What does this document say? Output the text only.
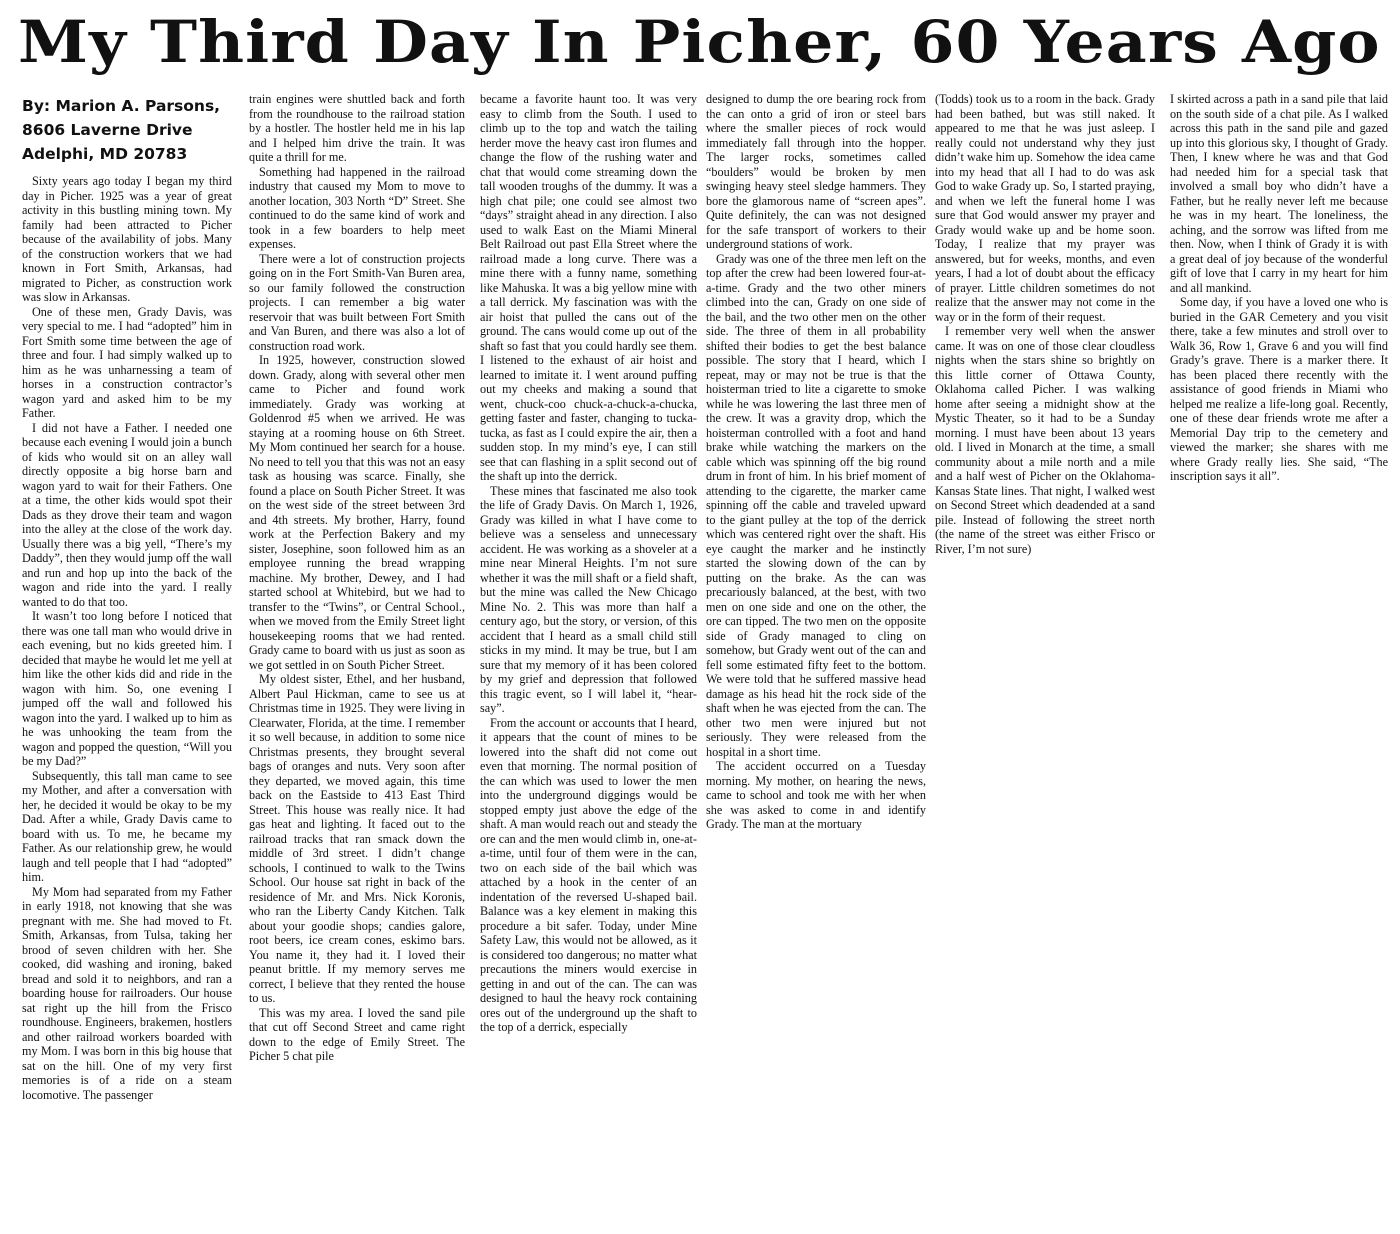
My Third Day In Picher, 60 Years Ago
By: Marion A. Parsons,
8606 Laverne Drive
Adelphi, MD 20783

Sixty years ago today I began my third day in Picher. 1925 was a year of great activity in this bustling mining town. My family had been attracted to Picher because of the availability of jobs. Many of the construction workers that we had known in Fort Smith, Arkansas, had migrated to Picher, as construction work was slow in Arkansas.

One of these men, Grady Davis, was very special to me. I had “adopted” him in Fort Smith some time between the age of three and four. I had simply walked up to him as he was unharnessing a team of horses in a construction contractor’s wagon yard and asked him to be my Father.

I did not have a Father. I needed one because each evening I would join a bunch of kids who would sit on an alley wall directly opposite a big horse barn and wagon yard to wait for their Fathers. One at a time, the other kids would spot their Dads as they drove their team and wagon into the alley at the close of the work day. Usually there was a big yell, “There’s my Daddy”, then they would jump off the wall and run and hop up into the back of the wagon and ride into the yard. I really wanted to do that too.

It wasn’t too long before I noticed that there was one tall man who would drive in each evening, but no kids greeted him. I decided that maybe he would let me yell at him like the other kids did and ride in the wagon with him. So, one evening I jumped off the wall and followed his wagon into the yard. I walked up to him as he was unhooking the team from the wagon and popped the question, “Will you be my Dad?”

Subsequently, this tall man came to see my Mother, and after a conversation with her, he decided it would be okay to be my Dad. After a while, Grady Davis came to board with us. To me, he became my Father. As our relationship grew, he would laugh and tell people that I had “adopted” him.

My Mom had separated from my Father in early 1918, not knowing that she was pregnant with me. She had moved to Ft. Smith, Arkansas, from Tulsa, taking her brood of seven children with her. She cooked, did washing and ironing, baked bread and sold it to neighbors, and ran a boarding house for railroaders. Our house sat right up the hill from the Frisco roundhouse. Engineers, brakemen, hostlers and other railroad workers boarded with my Mom. I was born in this big house that sat on the hill. One of my very first memories is of a ride on a steam locomotive. The passenger

train engines were shuttled back and forth from the roundhouse to the railroad station by a hostler. The hostler held me in his lap and I helped him drive the train. It was quite a thrill for me.

Something had happened in the railroad industry that caused my Mom to move to another location, 303 North “D” Street. She continued to do the same kind of work and took in a few boarders to help meet expenses.

There were a lot of construction projects going on in the Fort Smith-Van Buren area, so our family followed the construction projects. I can remember a big water reservoir that was built between Fort Smith and Van Buren, and there was also a lot of construction road work.

In 1925, however, construction slowed down. Grady, along with several other men came to Picher and found work immediately. Grady was working at Goldenrod #5 when we arrived. He was staying at a rooming house on 6th Street. My Mom continued her search for a house. No need to tell you that this was not an easy task as housing was scarce. Finally, she found a place on South Picher Street. It was on the west side of the street between 3rd and 4th streets. My brother, Harry, found work at the Perfection Bakery and my sister, Josephine, soon followed him as an employee running the bread wrapping machine. My brother, Dewey, and I had started school at Whitebird, but we had to transfer to the “Twins”, or Central School., when we moved from the Emily Street light housekeeping rooms that we had rented. Grady came to board with us just as soon as we got settled in on South Picher Street.

My oldest sister, Ethel, and her husband, Albert Paul Hickman, came to see us at Christmas time in 1925. They were living in Clearwater, Florida, at the time. I remember it so well because, in addition to some nice Christmas presents, they brought several bags of oranges and nuts. Very soon after they departed, we moved again, this time back on the Eastside to 413 East Third Street. This house was really nice. It had gas heat and lighting. It faced out to the railroad tracks that ran smack down the middle of 3rd street. I didn’t change schools, I continued to walk to the Twins School. Our house sat right in back of the residence of Mr. and Mrs. Nick Koronis, who ran the Liberty Candy Kitchen. Talk about your goodie shops; candies galore, root beers, ice cream cones, eskimo bars. You name it, they had it. I loved their peanut brittle. If my memory serves me correct, I believe that they rented the house to us.

This was my area. I loved the sand pile that cut off Second Street and came right down to the edge of Emily Street. The Picher 5 chat pile

became a favorite haunt too. It was very easy to climb from the South. I used to climb up to the top and watch the tailing herder move the heavy cast iron flumes and change the flow of the rushing water and chat that would come streaming down the tall wooden troughs of the dummy. It was a high chat pile; one could see almost two “days” straight ahead in any direction. I also used to walk East on the Miami Mineral Belt Railroad out past Ella Street where the railroad made a long curve. There was a mine there with a funny name, something like Mahuska. It was a big yellow mine with a tall derrick. My fascination was with the air hoist that pulled the cans out of the ground. The cans would come up out of the shaft so fast that you could hardly see them. I listened to the exhaust of air hoist and learned to imitate it. I went around puffing out my cheeks and making a sound that went, chuck-coo chuck-a-chuck-a-chucka, getting faster and faster, changing to tucka-tucka, as fast as I could expire the air, then a sudden stop. In my mind’s eye, I can still see that can flashing in a split second out of the shaft up into the derrick.

These mines that fascinated me also took the life of Grady Davis. On March 1, 1926, Grady was killed in what I have come to believe was a senseless and unnecessary accident. He was working as a shoveler at a mine near Mineral Heights. I’m not sure whether it was the mill shaft or a field shaft, but the mine was called the New Chicago Mine No. 2. This was more than half a century ago, but the story, or version, of this accident that I heard as a small child still sticks in my mind. It may be true, but I am sure that my memory of it has been colored by my grief and depression that followed this tragic event, so I will label it, “hear-say”.

From the account or accounts that I heard, it appears that the count of mines to be lowered into the shaft did not come out even that morning. The normal position of the can which was used to lower the men into the underground diggings would be stopped empty just above the edge of the shaft. A man would reach out and steady the ore can and the men would climb in, one-at-a-time, until four of them were in the can, two on each side of the bail which was attached by a hook in the center of an indentation of the reversed U-shaped bail. Balance was a key element in making this procedure a bit safer. Today, under Mine Safety Law, this would not be allowed, as it is considered too dangerous; no matter what precautions the miners would exercise in getting in and out of the can. The can was designed to haul the heavy rock containing ores out of the underground up the shaft to the top of a derrick, especially

designed to dump the ore bearing rock from the can onto a grid of iron or steel bars where the smaller pieces of rock would immediately fall through into the hopper. The larger rocks, sometimes called “boulders” would be broken by men swinging heavy steel sledge hammers. They bore the glamorous name of “screen apes”. Quite definitely, the can was not designed for the safe transport of workers to their underground stations of work.

Grady was one of the three men left on the top after the crew had been lowered four-at-a-time. Grady and the two other miners climbed into the can, Grady on one side of the bail, and the two other men on the other side. The three of them in all probability shifted their bodies to get the best balance possible. The story that I heard, which I repeat, may or may not be true is that the hoisterman tried to lite a cigarette to smoke while he was lowering the last three men of the crew. It was a gravity drop, which the hoisterman controlled with a foot and hand brake while watching the markers on the cable which was spinning off the big round drum in front of him. In his brief moment of attending to the cigarette, the marker came spinning off the cable and traveled upward to the giant pulley at the top of the derrick which was centered right over the shaft. His eye caught the marker and he instinctly started the slowing down of the can by putting on the brake. As the can was precariously balanced, at the best, with two men on one side and one on the other, the ore can tipped. The two men on the opposite side of Grady managed to cling on somehow, but Grady went out of the can and fell some estimated fifty feet to the bottom. We were told that he suffered massive head damage as his head hit the rock side of the shaft when he was ejected from the can. The other two men were injured but not seriously. They were released from the hospital in a short time.

The accident occurred on a Tuesday morning. My mother, on hearing the news, came to school and took me with her when she was asked to come in and identify Grady. The man at the mortuary

(Todds) took us to a room in the back. Grady had been bathed, but was still naked. It appeared to me that he was just asleep. I really could not understand why they just didn’t wake him up. Somehow the idea came into my head that all I had to do was ask God to wake Grady up. So, I started praying, and when we left the funeral home I was sure that God would answer my prayer and Grady would wake up and be home soon. Today, I realize that my prayer was answered, but for weeks, months, and even years, I had a lot of doubt about the efficacy of prayer. Little children sometimes do not realize that the answer may not come in the way or in the form of their request.

I remember very well when the answer came. It was on one of those clear cloudless nights when the stars shine so brightly on this little corner of Ottawa County, Oklahoma called Picher. I was walking home after seeing a midnight show at the Mystic Theater, so it had to be a Sunday morning. I must have been about 13 years old. I lived in Monarch at the time, a small community about a mile north and a mile and a half west of Picher on the Oklahoma-Kansas State lines. That night, I walked west on Second Street which deadended at a sand pile. Instead of following the street north (the name of the street was either Frisco or River, I’m not sure)

I skirted across a path in a sand pile that laid on the south side of a chat pile. As I walked across this path in the sand pile and gazed up into this glorious sky, I thought of Grady. Then, I knew where he was and that God had needed him for a special task that involved a small boy who didn’t have a Father, but he really never left me because he was in my heart. The loneliness, the aching, and the sorrow was lifted from me then. Now, when I think of Grady it is with a great deal of joy because of the wonderful gift of love that I carry in my heart for him and all mankind.

Some day, if you have a loved one who is buried in the GAR Cemetery and you visit there, take a few minutes and stroll over to Walk 36, Row 1, Grave 6 and you will find Grady’s grave. There is a marker there. It has been placed there recently with the assistance of good friends in Miami who helped me realize a life-long goal. Recently, one of these dear friends wrote me after a Memorial Day trip to the cemetery and viewed the marker; she shares with me where Grady really lies. She said, “The inscription says it all”.
